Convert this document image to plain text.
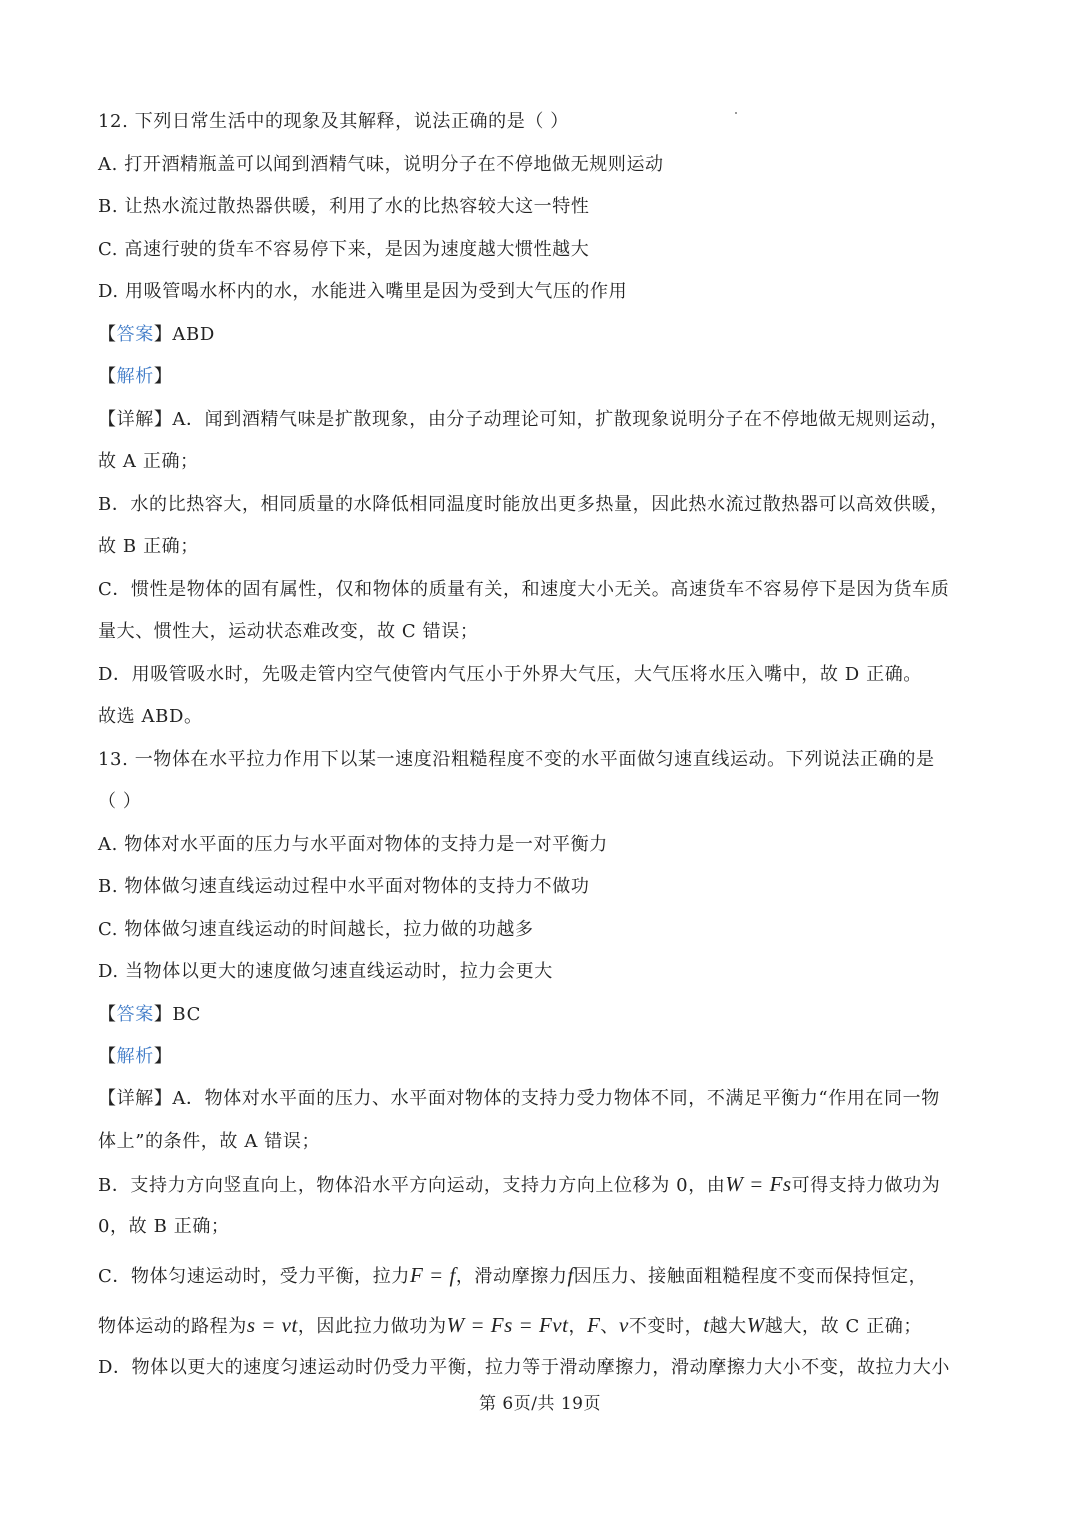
12. 下列日常生活中的现象及其解释，说法正确的是（ ）
A. 打开酒精瓶盖可以闻到酒精气味，说明分子在不停地做无规则运动
B. 让热水流过散热器供暖，利用了水的比热容较大这一特性
C. 高速行驶的货车不容易停下来，是因为速度越大惯性越大
D. 用吸管喝水杯内的水，水能进入嘴里是因为受到大气压的作用
【答案】ABD
【解析】
【详解】A．闻到酒精气味是扩散现象，由分子动理论可知，扩散现象说明分子在不停地做无规则运动，
故 A 正确；
B．水的比热容大，相同质量的水降低相同温度时能放出更多热量，因此热水流过散热器可以高效供暖，
故 B 正确；
C．惯性是物体的固有属性，仅和物体的质量有关，和速度大小无关。高速货车不容易停下是因为货车质
量大、惯性大，运动状态难改变，故 C 错误；
D．用吸管吸水时，先吸走管内空气使管内气压小于外界大气压，大气压将水压入嘴中，故 D 正确。
故选 ABD。
13. 一物体在水平拉力作用下以某一速度沿粗糙程度不变的水平面做匀速直线运动。下列说法正确的是
（ ）
A. 物体对水平面的压力与水平面对物体的支持力是一对平衡力
B. 物体做匀速直线运动过程中水平面对物体的支持力不做功
C. 物体做匀速直线运动的时间越长，拉力做的功越多
D. 当物体以更大的速度做匀速直线运动时，拉力会更大
【答案】BC
【解析】
【详解】A．物体对水平面的压力、水平面对物体的支持力受力物体不同，不满足平衡力“作用在同一物
体上”的条件，故 A 错误；
B．支持力方向竖直向上，物体沿水平方向运动，支持力方向上位移为 0，由W = Fs可得支持力做功为
0，故 B 正确；
C．物体匀速运动时，受力平衡，拉力F = f，滑动摩擦力f因压力、接触面粗糙程度不变而保持恒定，
物体运动的路程为s = vt，因此拉力做功为W = Fs = Fvt，F、v不变时，t越大W越大，故 C 正确；
D．物体以更大的速度匀速运动时仍受力平衡，拉力等于滑动摩擦力，滑动摩擦力大小不变，故拉力大小
第 6页/共 19页
